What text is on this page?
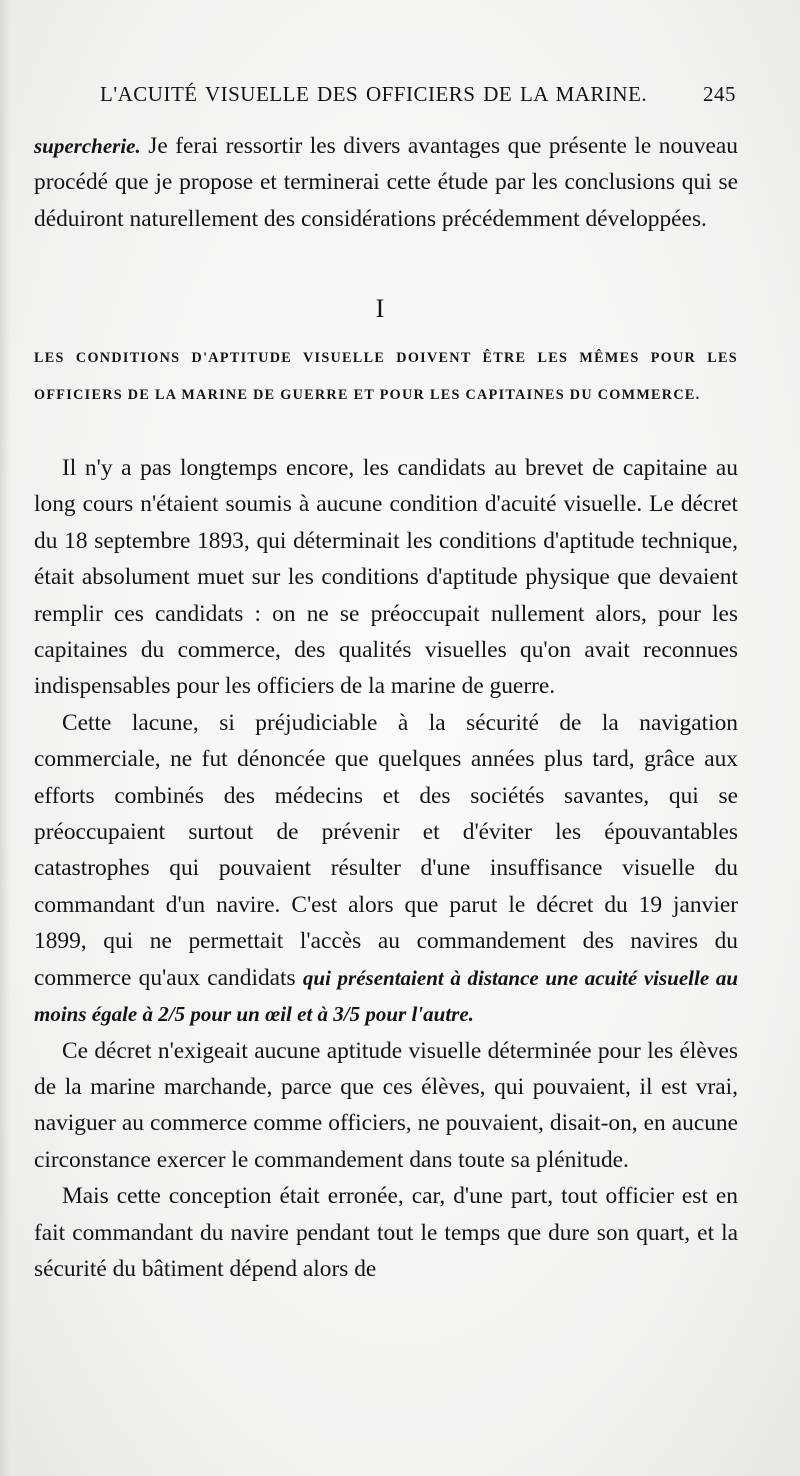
L'ACUITÉ VISUELLE DES OFFICIERS DE LA MARINE.	245

supercherie. Je ferai ressortir les divers avantages que présente le nouveau procédé que je propose et terminerai cette étude par les conclusions qui se déduiront naturellement des considérations précédemment développées.

I
LES CONDITIONS D'APTITUDE VISUELLE DOIVENT ÊTRE LES MÊMES POUR LES OFFICIERS DE LA MARINE DE GUERRE ET POUR LES CAPITAINES DU COMMERCE.

Il n'y a pas longtemps encore, les candidats au brevet de capitaine au long cours n'étaient soumis à aucune condition d'acuité visuelle. Le décret du 18 septembre 1893, qui déterminait les conditions d'aptitude technique, était absolument muet sur les conditions d'aptitude physique que devaient remplir ces candidats : on ne se préoccupait nullement alors, pour les capitaines du commerce, des qualités visuelles qu'on avait reconnues indispensables pour les officiers de la marine de guerre.

Cette lacune, si préjudiciable à la sécurité de la navigation commerciale, ne fut dénoncée que quelques années plus tard, grâce aux efforts combinés des médecins et des sociétés savantes, qui se préoccupaient surtout de prévenir et d'éviter les épouvantables catastrophes qui pouvaient résulter d'une insuffisance visuelle du commandant d'un navire. C'est alors que parut le décret du 19 janvier 1899, qui ne permettait l'accès au commandement des navires du commerce qu'aux candidats qui présentaient à distance une acuité visuelle au moins égale à 2/5 pour un œil et à 3/5 pour l'autre.

Ce décret n'exigeait aucune aptitude visuelle déterminée pour les élèves de la marine marchande, parce que ces élèves, qui pouvaient, il est vrai, naviguer au commerce comme officiers, ne pouvaient, disait-on, en aucune circonstance exercer le commandement dans toute sa plénitude.

Mais cette conception était erronée, car, d'une part, tout officier est en fait commandant du navire pendant tout le temps que dure son quart, et la sécurité du bâtiment dépend alors de
